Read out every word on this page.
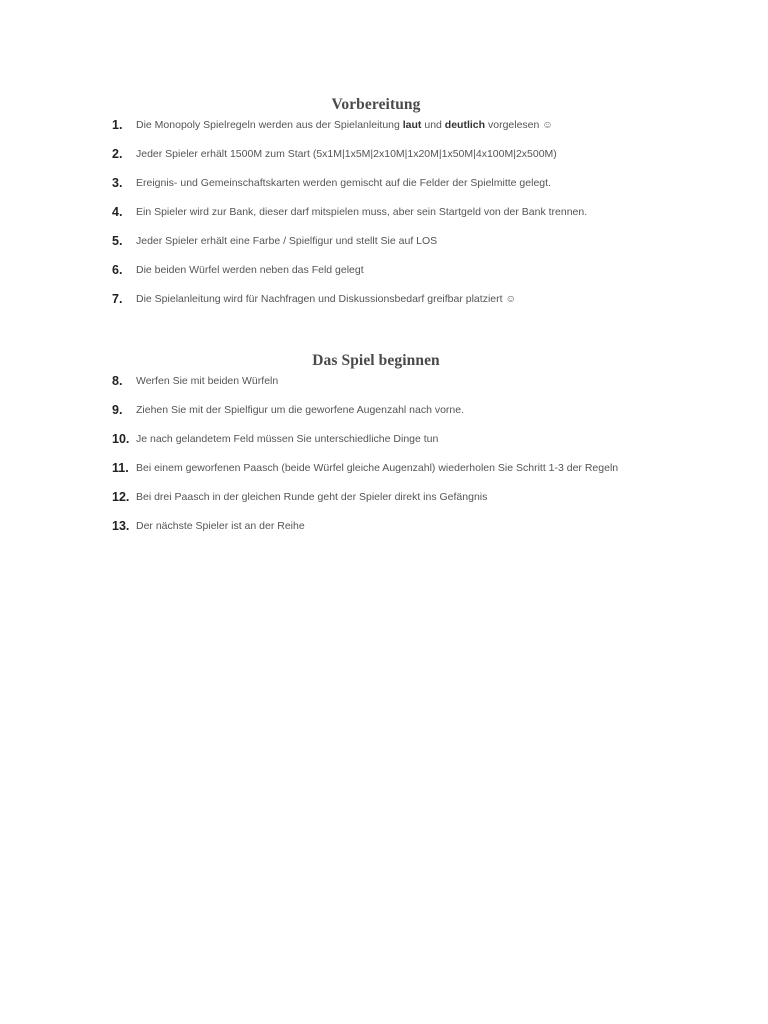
Vorbereitung
1. Die Monopoly Spielregeln werden aus der Spielanleitung laut und deutlich vorgelesen ☺
2. Jeder Spieler erhält 1500M zum Start (5x1M|1x5M|2x10M|1x20M|1x50M|4x100M|2x500M)
3. Ereignis- und Gemeinschaftskarten werden gemischt auf die Felder der Spielmitte gelegt.
4. Ein Spieler wird zur Bank, dieser darf mitspielen muss, aber sein Startgeld von der Bank trennen.
5. Jeder Spieler erhält eine Farbe / Spielfigur und stellt Sie auf LOS
6. Die beiden Würfel werden neben das Feld gelegt
7. Die Spielanleitung wird für Nachfragen und Diskussionsbedarf greifbar platziert ☺
Das Spiel beginnen
8. Werfen Sie mit beiden Würfeln
9. Ziehen Sie mit der Spielfigur um die geworfene Augenzahl nach vorne.
10. Je nach gelandetem Feld müssen Sie unterschiedliche Dinge tun
11. Bei einem geworfenen Paasch (beide Würfel gleiche Augenzahl) wiederholen Sie Schritt 1-3 der Regeln
12. Bei drei Paasch in der gleichen Runde geht der Spieler direkt ins Gefängnis
13. Der nächste Spieler ist an der Reihe
